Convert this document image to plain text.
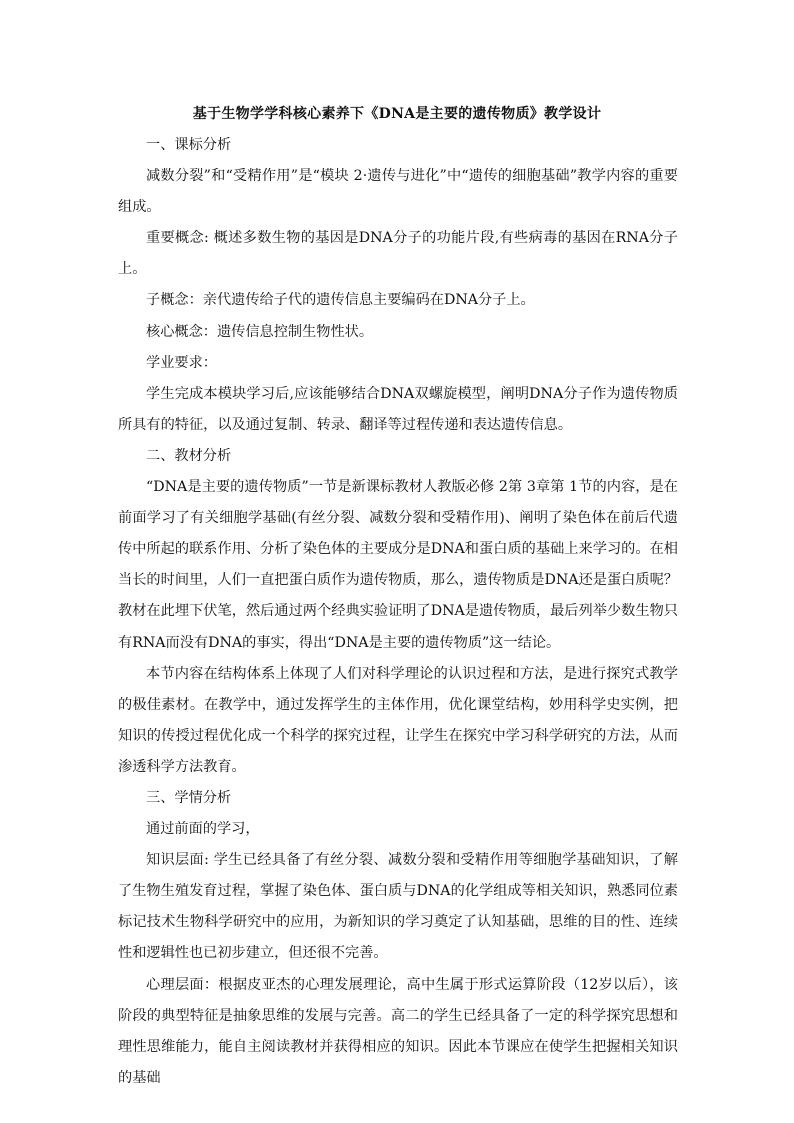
基于生物学学科核心素养下《DNA是主要的遗传物质》教学设计

一、课标分析

减数分裂”和“受精作用”是“模块 2·遗传与进化”中“遗传的细胞基础”教学内容的重要组成。

重要概念: 概述多数生物的基因是DNA分子的功能片段,有些病毒的基因在RNA分子上。

子概念：亲代遗传给子代的遗传信息主要编码在DNA分子上。

核心概念：遗传信息控制生物性状。

学业要求：

学生完成本模块学习后,应该能够结合DNA双螺旋模型，阐明DNA分子作为遗传物质所具有的特征，以及通过复制、转录、翻译等过程传递和表达遗传信息。

二、教材分析

“DNA是主要的遗传物质”一节是新课标教材人教版必修 2第 3章第 1节的内容，是在前面学习了有关细胞学基础(有丝分裂、减数分裂和受精作用)、阐明了染色体在前后代遗传中所起的联系作用、分析了染色体的主要成分是DNA和蛋白质的基础上来学习的。在相当长的时间里，人们一直把蛋白质作为遗传物质，那么，遗传物质是DNA还是蛋白质呢？教材在此埋下伏笔，然后通过两个经典实验证明了DNA是遗传物质，最后列举少数生物只有RNA而没有DNA的事实，得出“DNA是主要的遗传物质”这一结论。

本节内容在结构体系上体现了人们对科学理论的认识过程和方法，是进行探究式教学的极佳素材。在教学中，通过发挥学生的主体作用，优化课堂结构，妙用科学史实例，把知识的传授过程优化成一个科学的探究过程，让学生在探究中学习科学研究的方法，从而渗透科学方法教育。

三、学情分析

通过前面的学习，

知识层面: 学生已经具备了有丝分裂、减数分裂和受精作用等细胞学基础知识，了解了生物生殖发育过程，掌握了染色体、蛋白质与DNA的化学组成等相关知识，熟悉同位素标记技术生物科学研究中的应用，为新知识的学习奠定了认知基础，思维的目的性、连续性和逻辑性也已初步建立，但还很不完善。

心理层面：根据皮亚杰的心理发展理论，高中生属于形式运算阶段（12岁以后），该阶段的典型特征是抽象思维的发展与完善。高二的学生已经具备了一定的科学探究思想和理性思维能力，能自主阅读教材并获得相应的知识。因此本节课应在使学生把握相关知识的基础
